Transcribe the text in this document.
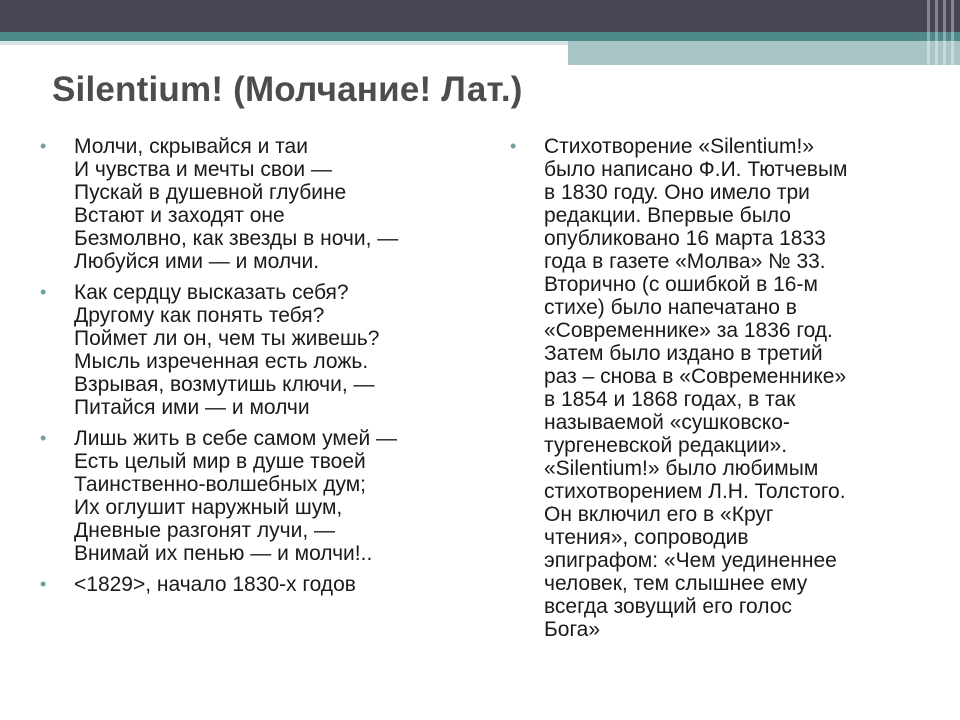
Silentium! (Молчание! Лат.)
• Молчи, скрывайся и таи
И чувства и мечты свои —
Пускай в душевной глубине
Встают и заходят оне
Безмолвно, как звезды в ночи, —
Любуйся ими — и молчи.
• Как сердцу высказать себя?
Другому как понять тебя?
Поймет ли он, чем ты живешь?
Мысль изреченная есть ложь.
Взрывая, возмутишь ключи, —
Питайся ими — и молчи
• Лишь жить в себе самом умей —
Есть целый мир в душе твоей
Таинственно-волшебных дум;
Их оглушит наружный шум,
Дневные разгонят лучи, —
Внимай их пенью — и молчи!..
• <1829>, начало 1830-х годов
• Стихотворение «Silentium!»
было написано Ф.И. Тютчевым
в 1830 году. Оно имело три
редакции. Впервые было
опубликовано 16 марта 1833
года в газете «Молва» № 33.
Вторично (с ошибкой в 16-м
стихе) было напечатано в
«Современнике» за 1836 год.
Затем было издано в третий
раз – снова в «Современнике»
в 1854 и 1868 годах, в так
называемой «сушковско-
тургеневской редакции».
«Silentium!» было любимым
стихотворением Л.Н. Толстого.
Он включил его в «Круг
чтения», сопроводив
эпиграфом: «Чем уединеннее
человек, тем слышнее ему
всегда зовущий его голос
Бога»
